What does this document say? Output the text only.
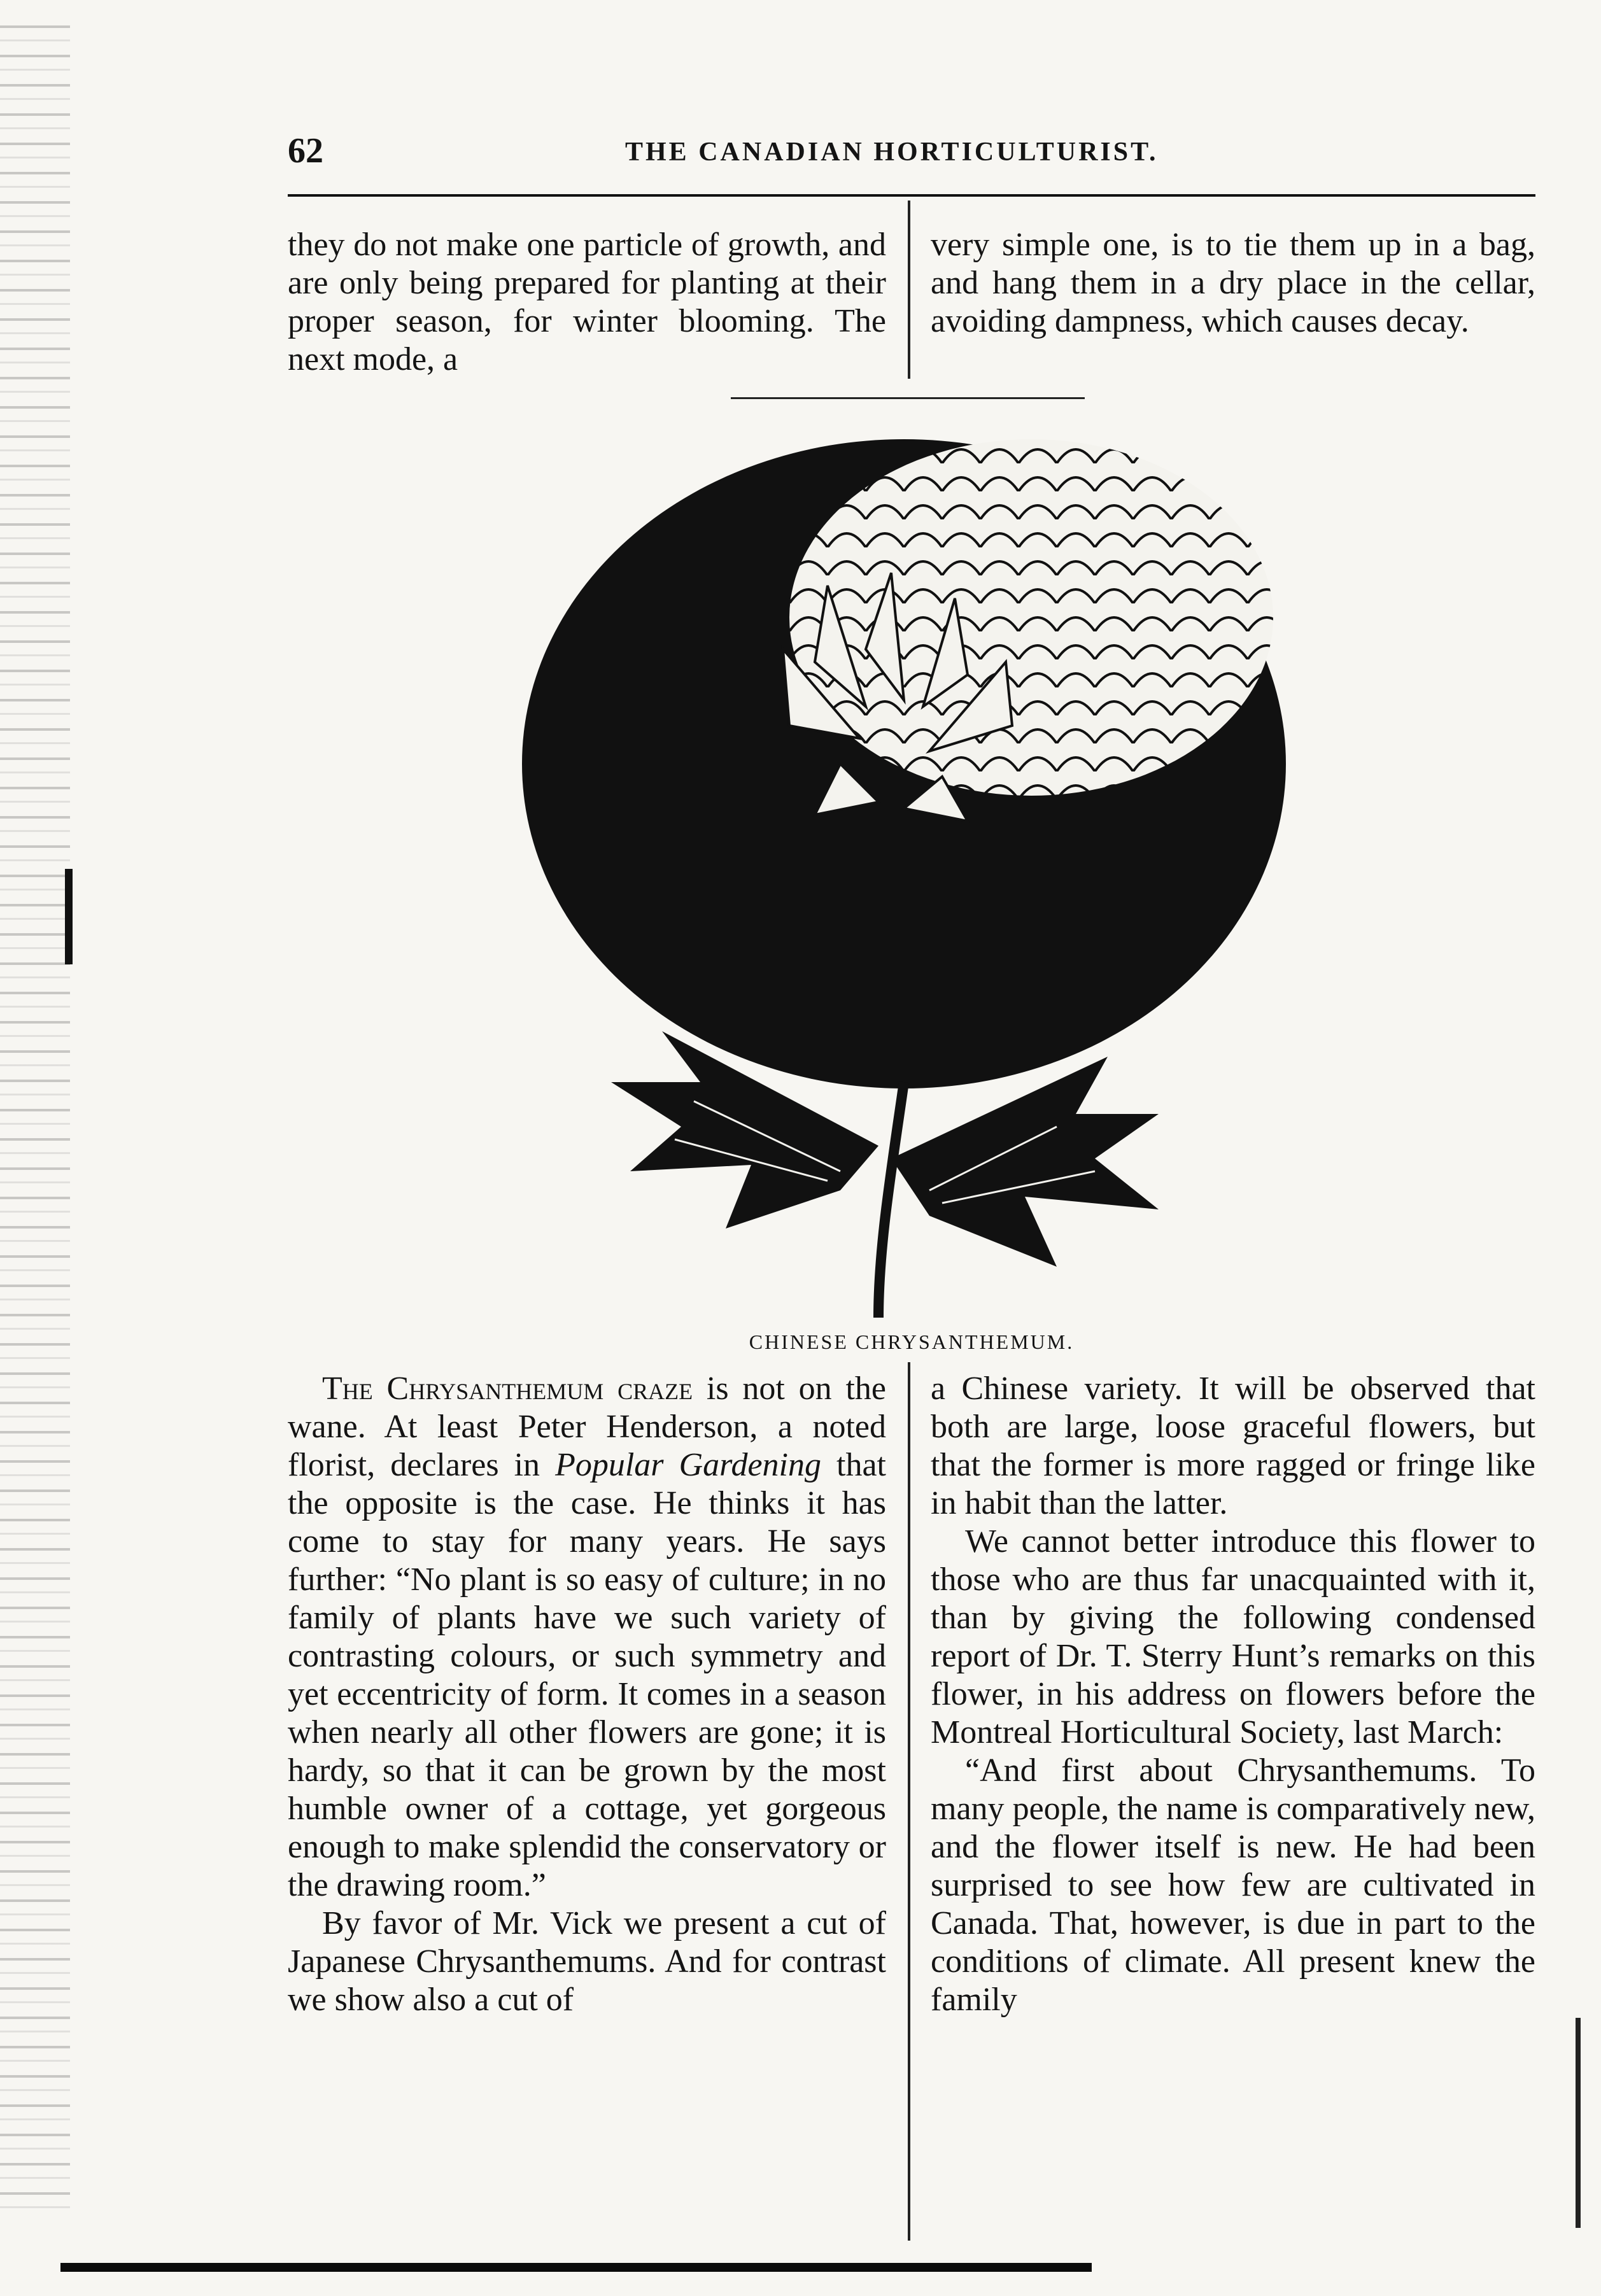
62	THE CANADIAN HORTICULTURIST.

they do not make one particle of growth, and are only being prepared for planting at their proper season, for winter blooming. The next mode, a

very simple one, is to tie them up in a bag, and hang them in a dry place in the cellar, avoiding dampness, which causes decay.

CHINESE CHRYSANTHEMUM.

The Chrysanthemum craze is not on the wane. At least Peter Henderson, a noted florist, declares in Popular Gardening that the opposite is the case. He thinks it has come to stay for many years. He says further: “No plant is so easy of culture; in no family of plants have we such variety of contrasting colours, or such symmetry and yet eccentricity of form. It comes in a season when nearly all other flowers are gone; it is hardy, so that it can be grown by the most humble owner of a cottage, yet gorgeous enough to make splendid the conservatory or the drawing room.”

By favor of Mr. Vick we present a cut of Japanese Chrysanthemums. And for contrast we show also a cut of

a Chinese variety. It will be observed that both are large, loose graceful flowers, but that the former is more ragged or fringe like in habit than the latter.

We cannot better introduce this flower to those who are thus far unacquainted with it, than by giving the following condensed report of Dr. T. Sterry Hunt’s remarks on this flower, in his address on flowers before the Montreal Horticultural Society, last March:

“And first about Chrysanthemums. To many people, the name is comparatively new, and the flower itself is new. He had been surprised to see how few are cultivated in Canada. That, however, is due in part to the conditions of climate. All present knew the family
